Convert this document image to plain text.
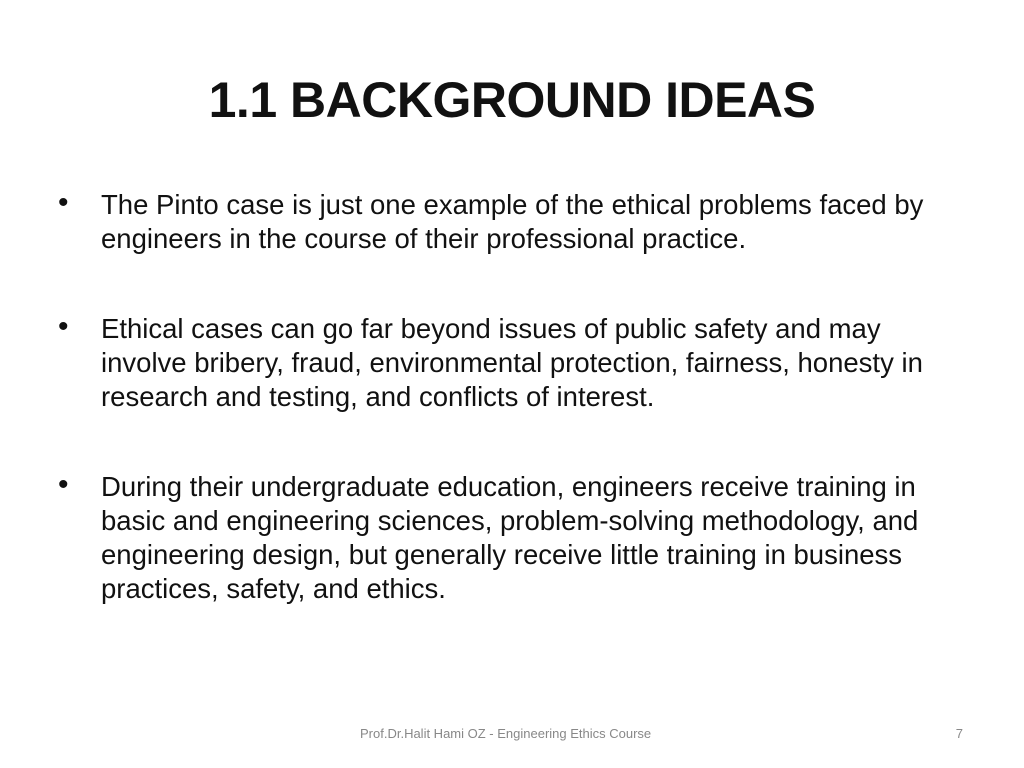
1.1 BACKGROUND IDEAS
• The Pinto case is just one example of the ethical problems faced by engineers in the course of their professional practice.
• Ethical cases can go far beyond issues of public safety and may involve bribery, fraud, environmental protection, fairness, honesty in research and testing, and conflicts of interest.
• During their undergraduate education, engineers receive training in basic and engineering sciences, problem-solving methodology, and engineering design, but generally receive little training in business practices, safety, and ethics.
Prof.Dr.Halit Hami OZ - Engineering Ethics Course	7
